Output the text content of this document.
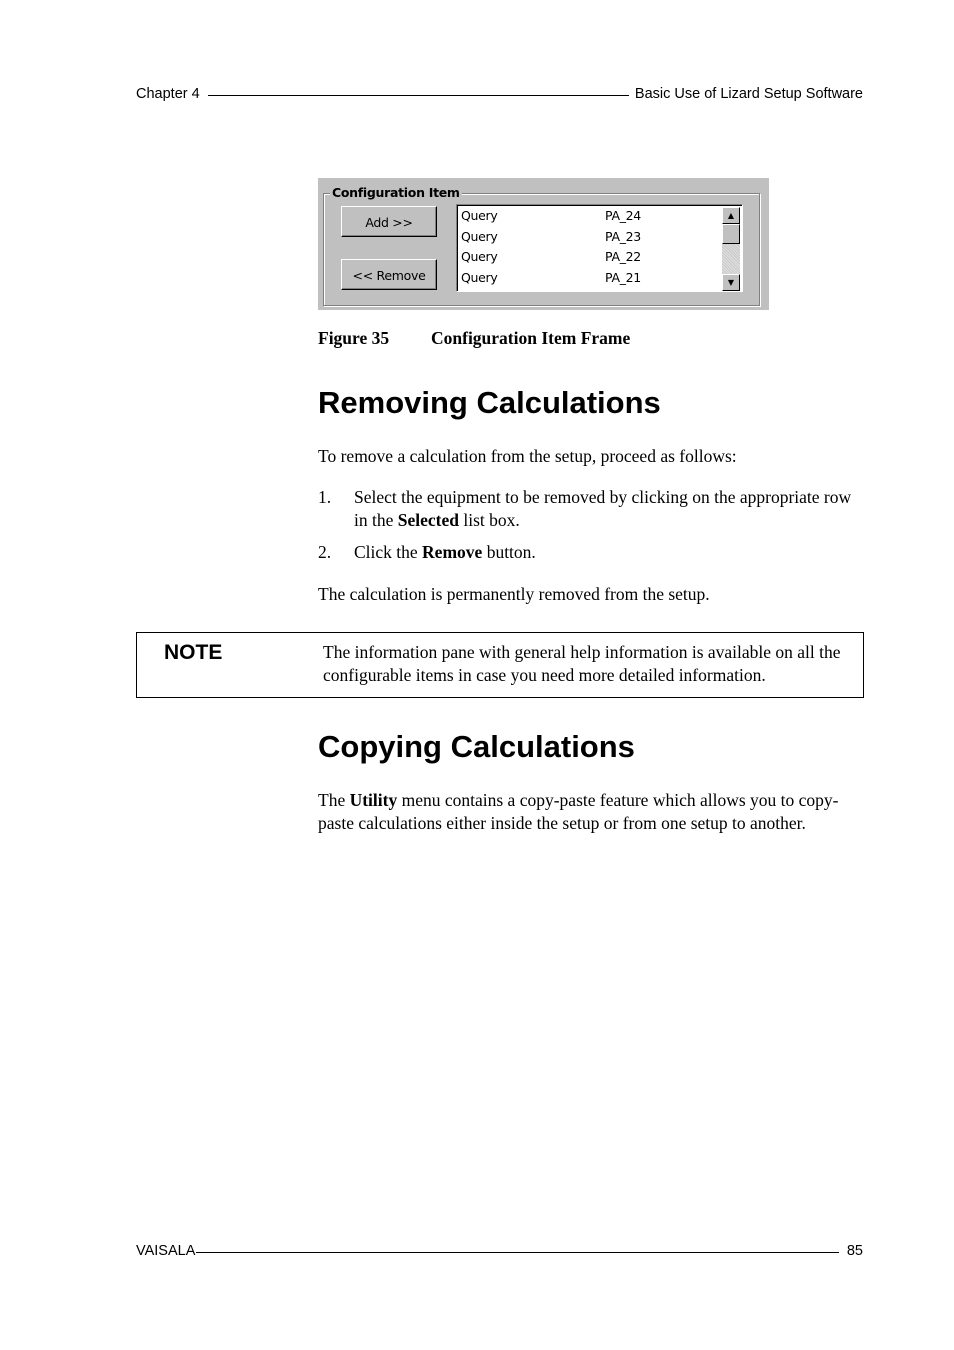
Chapter 4	Basic Use of Lizard Setup Software
Configuration Item
Add >>
<< Remove
Query	PA_24
Query	PA_23
Query	PA_22
Query	PA_21
▲
▼
Figure 35 Configuration Item Frame
Removing Calculations

To remove a calculation from the setup, proceed as follows:

1. Select the equipment to be removed by clicking on the appropriate row in the Selected list box.
2. Click the Remove button.

The calculation is permanently removed from the setup.

NOTE	The information pane with general help information is available on all the configurable items in case you need more detailed information.
Copying Calculations

The Utility menu contains a copy-paste feature which allows you to copy-paste calculations either inside the setup or from one setup to another.

VAISALA	85
